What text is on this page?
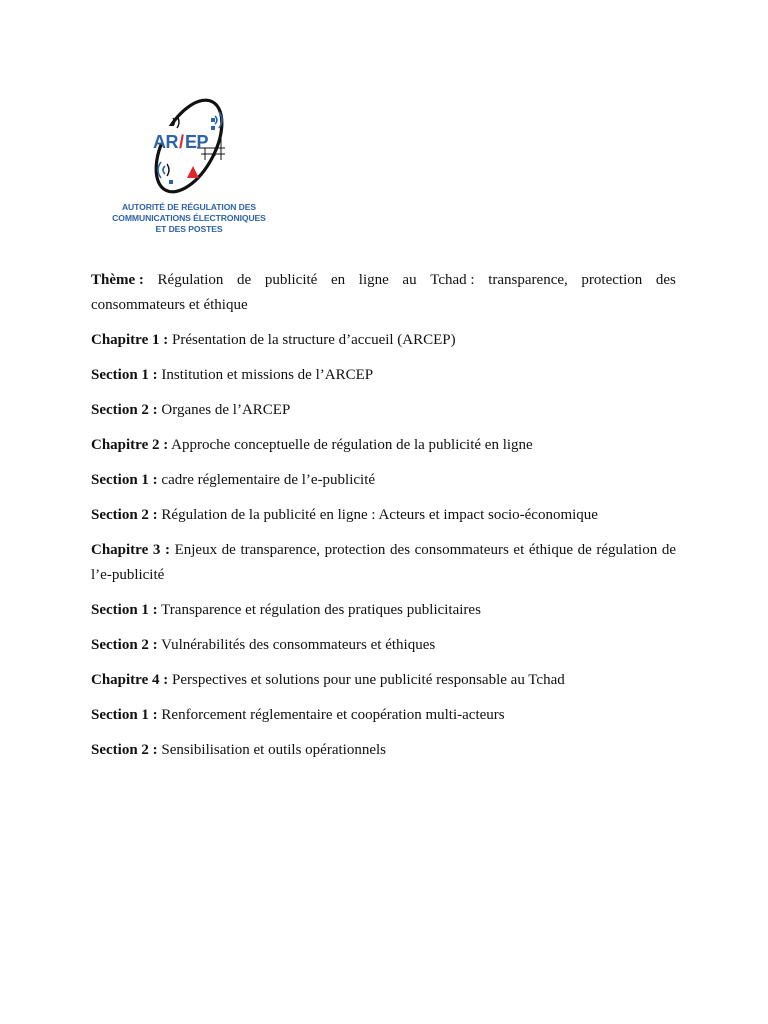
AR / EP
AUTORITÉ DE RÉGULATION DES
COMMUNICATIONS ÉLECTRONIQUES
ET DES POSTES
Thème : Régulation de publicité en ligne au Tchad : transparence, protection des
consommateurs et éthique
Chapitre 1 : Présentation de la structure d’accueil (ARCEP)
Section 1 : Institution et missions de l’ARCEP
Section 2 : Organes de l’ARCEP
Chapitre 2 : Approche conceptuelle de régulation de la publicité en ligne
Section 1 : cadre réglementaire de l’e-publicité
Section 2 : Régulation de la publicité en ligne : Acteurs et impact socio-économique
Chapitre 3 : Enjeux de transparence, protection des consommateurs et éthique de régulation de l’e-publicité
Section 1 : Transparence et régulation des pratiques publicitaires
Section 2 : Vulnérabilités des consommateurs et éthiques
Chapitre 4 : Perspectives et solutions pour une publicité responsable au Tchad
Section 1 : Renforcement réglementaire et coopération multi-acteurs
Section 2 : Sensibilisation et outils opérationnels
